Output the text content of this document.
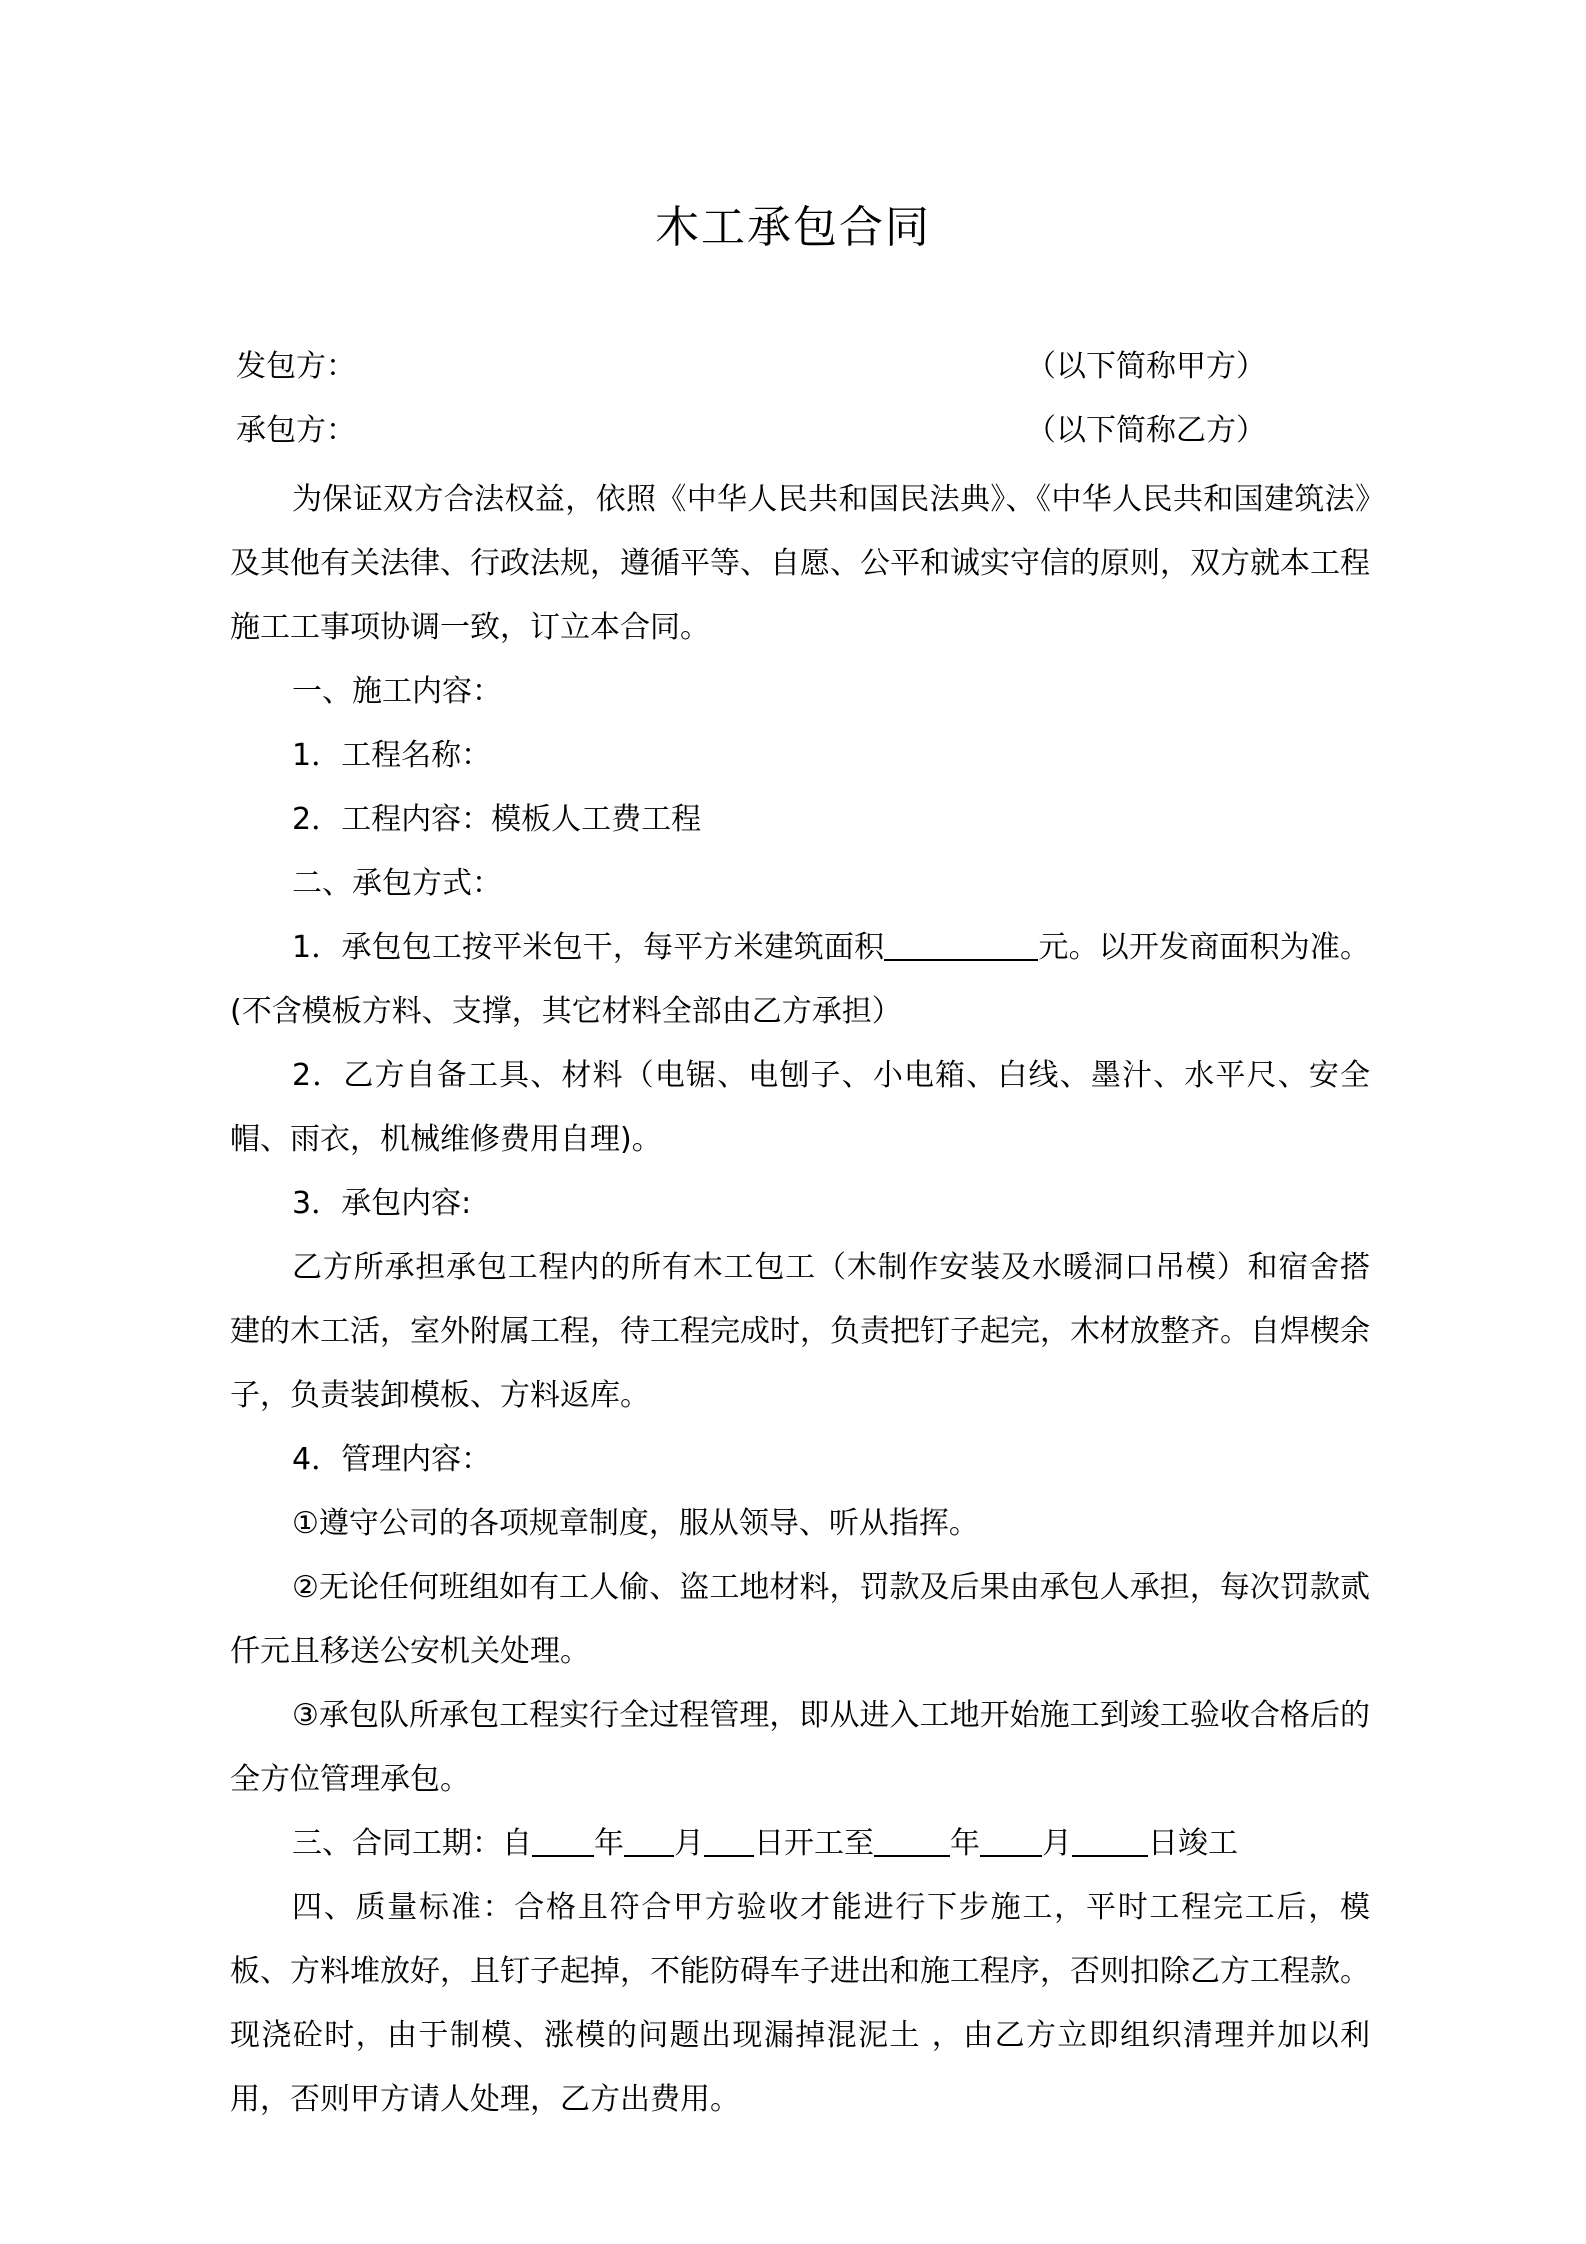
木工承包合同
发包方：	（以下简称甲方）
承包方：	（以下简称乙方）

为保证双方合法权益，依照《中华人民共和国民法典》、《中华人民共和国建筑法》及其他有关法律、行政法规，遵循平等、自愿、公平和诚实守信的原则，双方就本工程施工工事项协调一致，订立本合同。

一、施工内容：

1．工程名称：

2．工程内容：模板人工费工程

二、承包方式：

1．承包包工按平米包干，每平方米建筑面积	元。以开发商面积为准。(不含模板方料、支撑，其它材料全部由乙方承担）

2．乙方自备工具、材料（电锯、电刨子、小电箱、白线、墨汁、水平尺、安全帽、雨衣，机械维修费用自理)。

3．承包内容:

乙方所承担承包工程内的所有木工包工（木制作安装及水暖洞口吊模）和宿舍搭建的木工活，室外附属工程，待工程完成时，负责把钉子起完，木材放整齐。自焊楔余子，负责装卸模板、方料返库。

4．管理内容：

①遵守公司的各项规章制度，服从领导、听从指挥。

②无论任何班组如有工人偷、盗工地材料，罚款及后果由承包人承担，每次罚款贰仟元且移送公安机关处理。

③承包队所承包工程实行全过程管理，即从进入工地开始施工到竣工验收合格后的全方位管理承包。

三、合同工期：自 年 月 日开工至	年 月	日竣工

四、质量标准：合格且符合甲方验收才能进行下步施工，平时工程完工后，模板、方料堆放好，且钉子起掉，不能防碍车子进出和施工程序，否则扣除乙方工程款。现浇砼时，由于制模、涨模的问题出现漏掉混泥土 ，由乙方立即组织清理并加以利用，否则甲方请人处理，乙方出费用。
